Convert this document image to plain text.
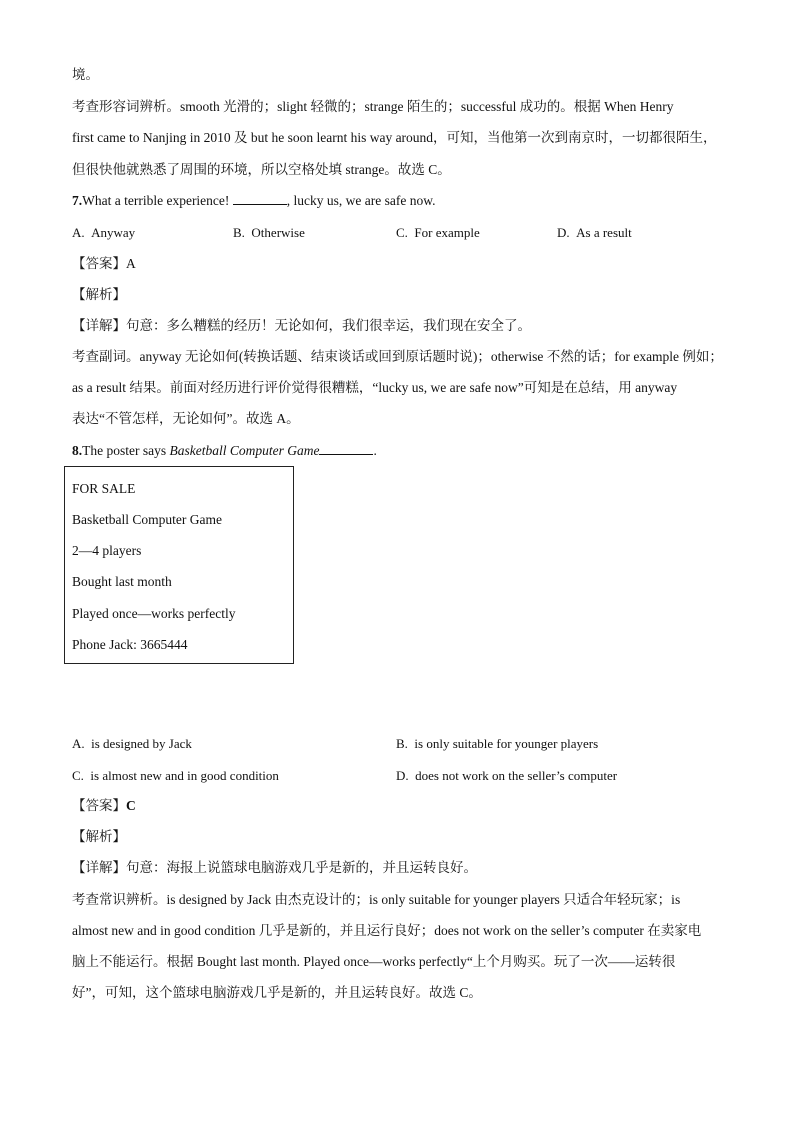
境。
考查形容词辨析。smooth 光滑的；slight 轻微的；strange 陌生的；successful 成功的。根据 When Henry
first came to Nanjing in 2010 及 but he soon learnt his way around，可知，当他第一次到南京时，一切都很陌生，
但很快他就熟悉了周围的环境，所以空格处填 strange。故选 C。
7.What a terrible experience!	, lucky us, we are safe now.
A. Anyway	B. Otherwise	C. For example	D. As a result
【答案】A
【解析】
【详解】句意：多么糟糕的经历！无论如何，我们很幸运，我们现在安全了。
考查副词。anyway 无论如何(转换话题、结束谈话或回到原话题时说)；otherwise 不然的话；for example 例如；
as a result 结果。前面对经历进行评价觉得很糟糕，“lucky us, we are safe now”可知是在总结，用 anyway
表达“不管怎样，无论如何”。故选 A。
8.The poster says Basketball Computer Game	.
FOR SALE
Basketball Computer Game
2—4 players
Bought last month
Played once—works perfectly
Phone Jack: 3665444
A. is designed by Jack	B. is only suitable for younger players
C. is almost new and in good condition	D. does not work on the seller’s computer
【答案】C
【解析】
【详解】句意：海报上说篮球电脑游戏几乎是新的，并且运转良好。
考查常识辨析。is designed by Jack 由杰克设计的；is only suitable for younger players 只适合年轻玩家；is
almost new and in good condition 几乎是新的，并且运行良好；does not work on the seller’s computer 在卖家电
脑上不能运行。根据 Bought last month. Played once—works perfectly“上个月购买。玩了一次——运转很
好”，可知，这个篮球电脑游戏几乎是新的，并且运转良好。故选 C。
